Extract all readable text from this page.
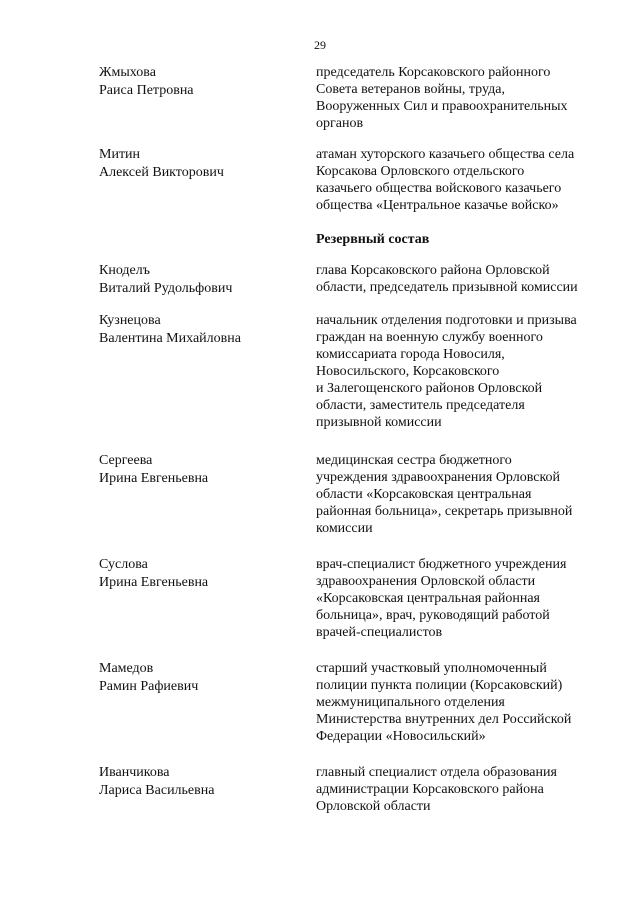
29
Резервный состав
Жмыхова
Раиса Петровна
председатель Корсаковского районного
Совета ветеранов войны, труда,
Вооруженных Сил и правоохранительных
органов
Митин
Алексей Викторович
атаман хуторского казачьего общества села
Корсакова Орловского отдельского
казачьего общества войскового казачьего
общества «Центральное казачье войско»
Кноделъ
Виталий Рудольфович
глава Корсаковского района Орловской
области, председатель призывной комиссии
Кузнецова
Валентина Михайловна
начальник отделения подготовки и призыва
граждан на военную службу военного
комиссариата города Новосиля,
Новосильского, Корсаковского
и Залегощенского районов Орловской
области, заместитель председателя
призывной комиссии
Сергеева
Ирина Евгеньевна
медицинская сестра бюджетного
учреждения здравоохранения Орловской
области «Корсаковская центральная
районная больница», секретарь призывной
комиссии
Суслова
Ирина Евгеньевна
врач-специалист бюджетного учреждения
здравоохранения Орловской области
«Корсаковская центральная районная
больница», врач, руководящий работой
врачей-специалистов
Мамедов
Рамин Рафиевич
старший участковый уполномоченный
полиции пункта полиции (Корсаковский)
межмуниципального отделения
Министерства внутренних дел Российской
Федерации «Новосильский»
Иванчикова
Лариса Васильевна
главный специалист отдела образования
администрации Корсаковского района
Орловской области
